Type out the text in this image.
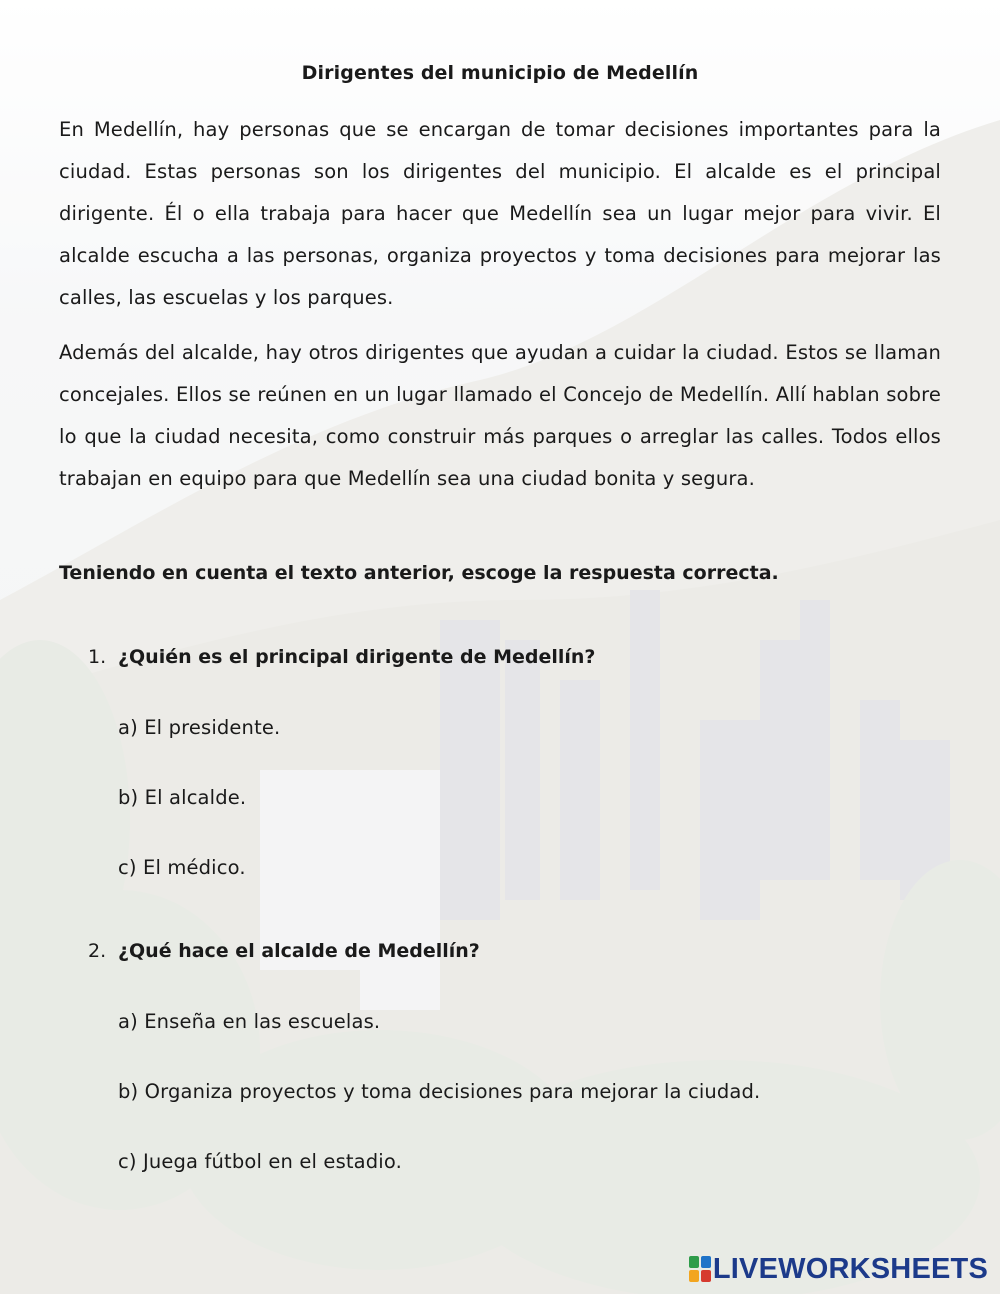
Dirigentes del municipio de Medellín

En Medellín, hay personas que se encargan de tomar decisiones importantes para la ciudad. Estas personas son los dirigentes del municipio. El alcalde es el principal dirigente. Él o ella trabaja para hacer que Medellín sea un lugar mejor para vivir. El alcalde escucha a las personas, organiza proyectos y toma decisiones para mejorar las calles, las escuelas y los parques.

Además del alcalde, hay otros dirigentes que ayudan a cuidar la ciudad. Estos se llaman concejales. Ellos se reúnen en un lugar llamado el Concejo de Medellín. Allí hablan sobre lo que la ciudad necesita, como construir más parques o arreglar las calles. Todos ellos trabajan en equipo para que Medellín sea una ciudad bonita y segura.

Teniendo en cuenta el texto anterior, escoge la respuesta correcta.
1. ¿Quién es el principal dirigente de Medellín?
a) El presidente.
b) El alcalde.
c) El médico.
2. ¿Qué hace el alcalde de Medellín?
a) Enseña en las escuelas.
b) Organiza proyectos y toma decisiones para mejorar la ciudad.
c) Juega fútbol en el estadio.
LIVEWORKSHEETS
